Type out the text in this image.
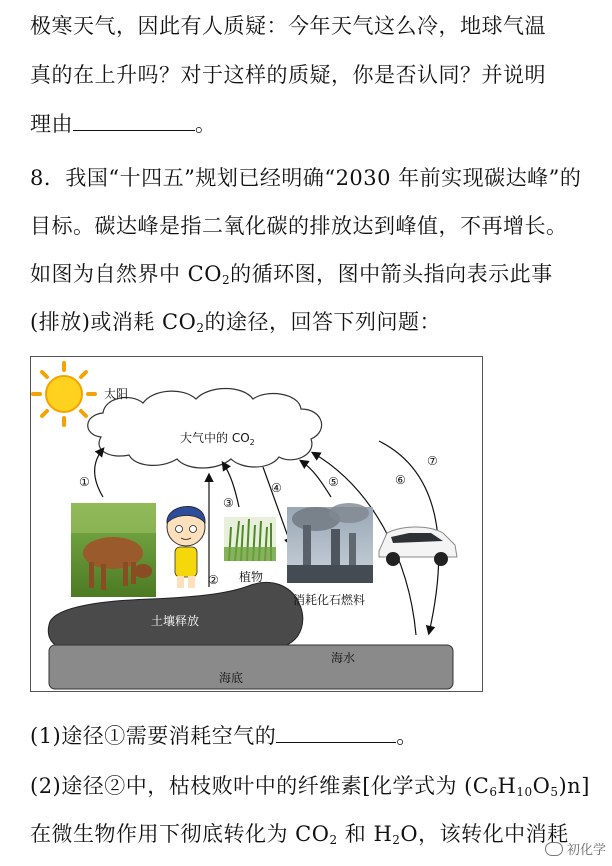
极寒天气，因此有人质疑：今年天气这么冷，地球气温
真的在上升吗？对于这样的质疑，你是否认同？并说明
理由	。
8．我国“十四五”规划已经明确“2030 年前实现碳达峰”的
目标。碳达峰是指二氧化碳的排放达到峰值，不再增长。
如图为自然界中 $CO_2$的循环图，图中箭头指向表示此事
(排放)或消耗 $CO_2$的途径，回答下列问题：
太阳
大气中的 $CO_2$
①
②
③
④	⑤	⑥
⑦
植物
消耗化石燃料
土壤释放
海水
海底
(1)途径①需要消耗空气的	。
(2)途径②中，枯枝败叶中的纤维素[化学式为 $(C_6H_{10}O_5)n$]
在微生物作用下彻底转化为 $CO_2$ 和 $H_2O$，该转化中消耗
初化学
